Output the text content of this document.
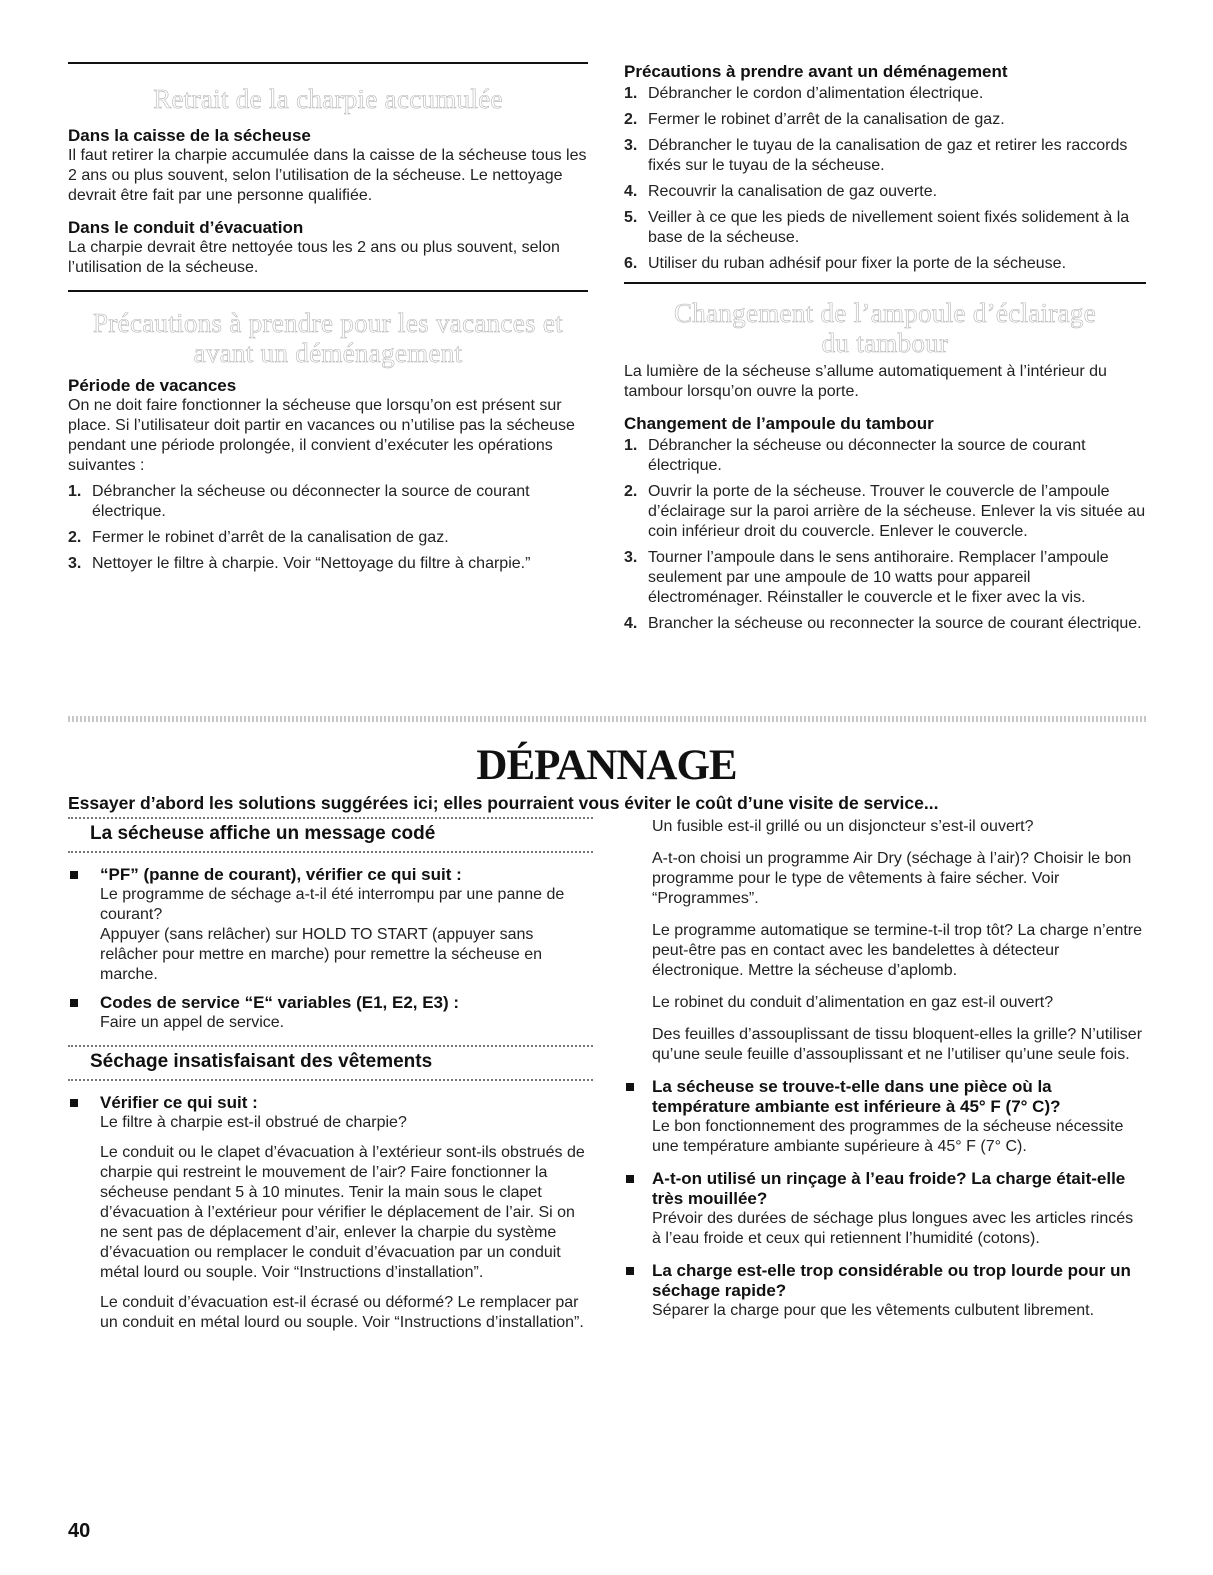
Retrait de la charpie accumulée
Dans la caisse de la sécheuse

Il faut retirer la charpie accumulée dans la caisse de la sécheuse tous les 2 ans ou plus souvent, selon l’utilisation de la sécheuse. Le nettoyage devrait être fait par une personne qualifiée.

Dans le conduit d’évacuation

La charpie devrait être nettoyée tous les 2 ans ou plus souvent, selon l’utilisation de la sécheuse.

Précautions à prendre pour les vacances et avant un déménagement
Période de vacances

On ne doit faire fonctionner la sécheuse que lorsqu’on est présent sur place. Si l’utilisateur doit partir en vacances ou n’utilise pas la sécheuse pendant une période prolongée, il convient d’exécuter les opérations suivantes :

1. Débrancher la sécheuse ou déconnecter la source de courant électrique.
2. Fermer le robinet d’arrêt de la canalisation de gaz.
3. Nettoyer le filtre à charpie. Voir “Nettoyage du filtre à charpie.”
Précautions à prendre avant un déménagement
1. Débrancher le cordon d’alimentation électrique.
2. Fermer le robinet d’arrêt de la canalisation de gaz.
3. Débrancher le tuyau de la canalisation de gaz et retirer les raccords fixés sur le tuyau de la sécheuse.
4. Recouvrir la canalisation de gaz ouverte.
5. Veiller à ce que les pieds de nivellement soient fixés solidement à la base de la sécheuse.
6. Utiliser du ruban adhésif pour fixer la porte de la sécheuse.
Changement de l’ampoule d’éclairage du tambour

La lumière de la sécheuse s’allume automatiquement à l’intérieur du tambour lorsqu’on ouvre la porte.

Changement de l’ampoule du tambour
1. Débrancher la sécheuse ou déconnecter la source de courant électrique.
2. Ouvrir la porte de la sécheuse. Trouver le couvercle de l’ampoule d’éclairage sur la paroi arrière de la sécheuse. Enlever la vis située au coin inférieur droit du couvercle. Enlever le couvercle.
3. Tourner l’ampoule dans le sens antihoraire. Remplacer l’ampoule seulement par une ampoule de 10 watts pour appareil électroménager. Réinstaller le couvercle et le fixer avec la vis.
4. Brancher la sécheuse ou reconnecter la source de courant électrique.
DÉPANNAGE
Essayer d’abord les solutions suggérées ici; elles pourraient vous éviter le coût d’une visite de service...
La sécheuse affiche un message codé
“PF” (panne de courant), vérifier ce qui suit :

Le programme de séchage a-t-il été interrompu par une panne de courant?

Appuyer (sans relâcher) sur HOLD TO START (appuyer sans relâcher pour mettre en marche) pour remettre la sécheuse en marche.

Codes de service “E“ variables (E1, E2, E3) :

Faire un appel de service.

Séchage insatisfaisant des vêtements
Vérifier ce qui suit :

Le filtre à charpie est-il obstrué de charpie?

Le conduit ou le clapet d’évacuation à l’extérieur sont-ils obstrués de charpie qui restreint le mouvement de l’air? Faire fonctionner la sécheuse pendant 5 à 10 minutes. Tenir la main sous le clapet d’évacuation à l’extérieur pour vérifier le déplacement de l’air. Si on ne sent pas de déplacement d’air, enlever la charpie du système d’évacuation ou remplacer le conduit d’évacuation par un conduit métal lourd ou souple. Voir “Instructions d’installation”.

Le conduit d’évacuation est-il écrasé ou déformé? Le remplacer par un conduit en métal lourd ou souple. Voir “Instructions d’installation”.

Un fusible est-il grillé ou un disjoncteur s’est-il ouvert?

A-t-on choisi un programme Air Dry (séchage à l’air)? Choisir le bon programme pour le type de vêtements à faire sécher. Voir “Programmes”.

Le programme automatique se termine-t-il trop tôt? La charge n’entre peut-être pas en contact avec les bandelettes à détecteur électronique. Mettre la sécheuse d’aplomb.

Le robinet du conduit d’alimentation en gaz est-il ouvert?

Des feuilles d’assouplissant de tissu bloquent-elles la grille? N’utiliser qu’une seule feuille d’assouplissant et ne l’utiliser qu’une seule fois.

La sécheuse se trouve-t-elle dans une pièce où la température ambiante est inférieure à 45° F (7° C)?

Le bon fonctionnement des programmes de la sécheuse nécessite une température ambiante supérieure à 45° F (7° C).

A-t-on utilisé un rinçage à l’eau froide? La charge était-elle très mouillée?

Prévoir des durées de séchage plus longues avec les articles rincés à l’eau froide et ceux qui retiennent l’humidité (cotons).

La charge est-elle trop considérable ou trop lourde pour un séchage rapide?

Séparer la charge pour que les vêtements culbutent librement.

40
